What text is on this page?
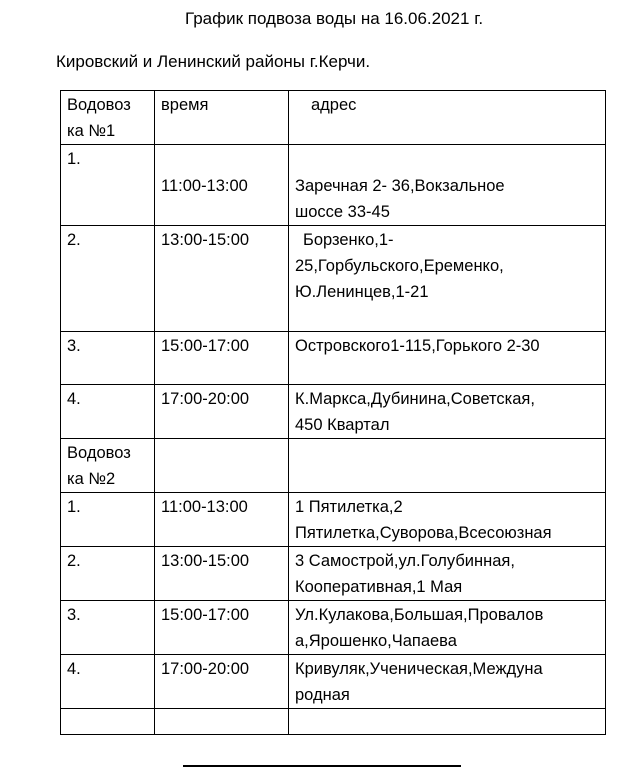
График подвоза воды на 16.06.2021 г.
Кировский и Ленинский районы г.Керчи.
Водовоз
ка №1	время	адрес

1.	11:00-13:00	Заречная 2- 36,Вокзальное
шоссе 33-45

2.	13:00-15:00	Борзенко,1-
25,Горбульского,Еременко,
Ю.Ленинцев,1-21

3.	15:00-17:00	Островского1-115,Горького 2-30

4.	17:00-20:00	К.Маркса,Дубинина,Советская,
450 Квартал

Водовоз
ка №2		

1.	11:00-13:00	1 Пятилетка,2
Пятилетка,Суворова,Всесоюзная

2.	13:00-15:00	3 Самострой,ул.Голубинная,
Кооперативная,1 Мая

3.	15:00-17:00	Ул.Кулакова,Большая,Провалов
а,Ярошенко,Чапаева

4.	17:00-20:00	Кривуляк,Ученическая,Междуна
родная
